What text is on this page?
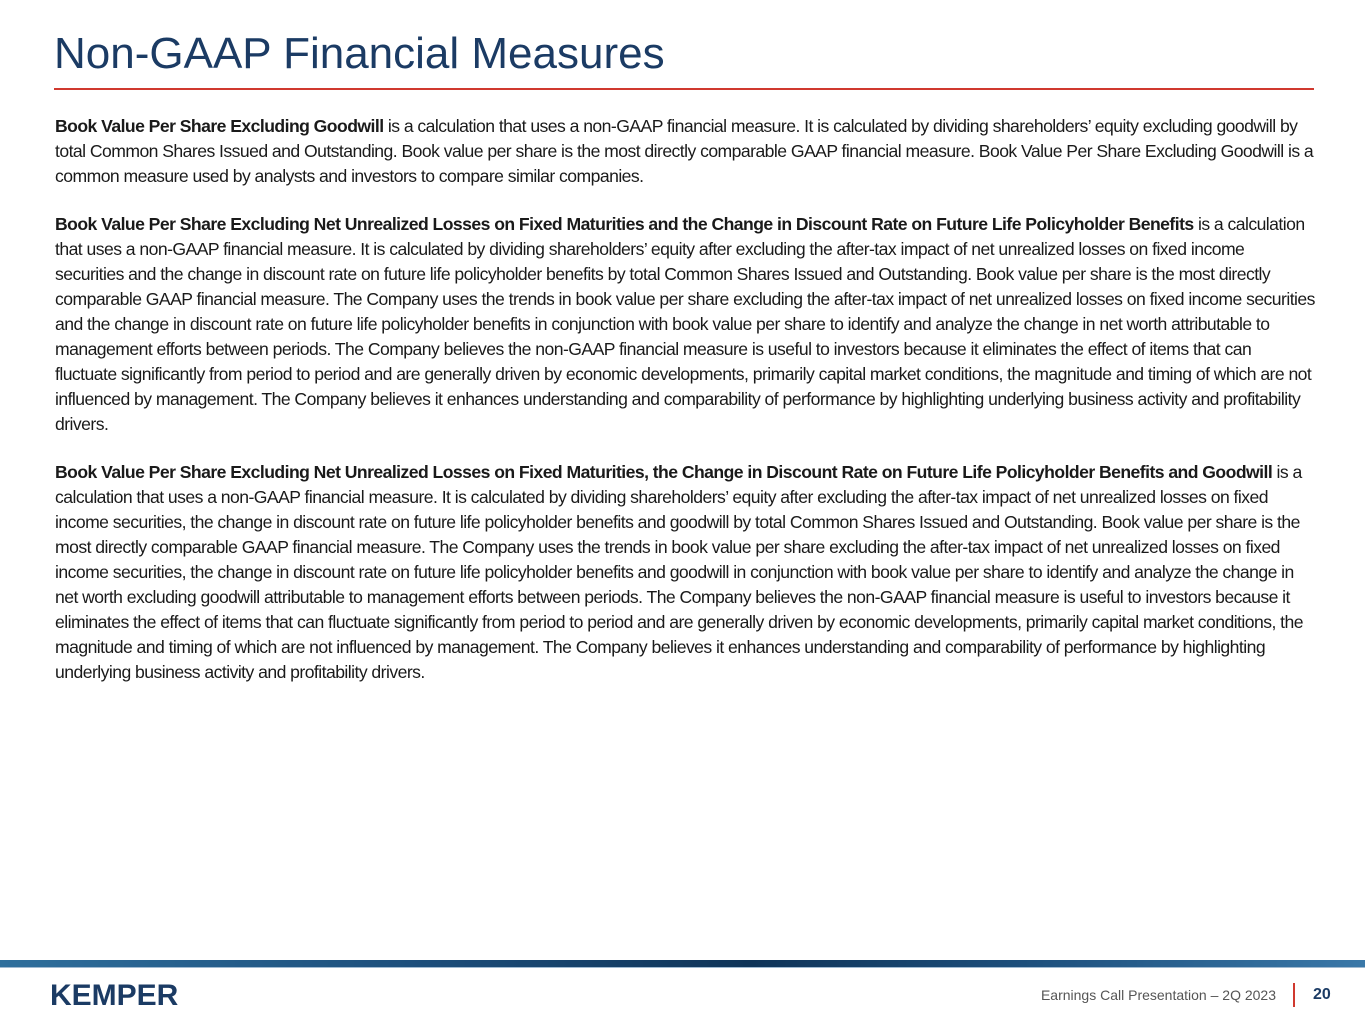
Non-GAAP Financial Measures

Book Value Per Share Excluding Goodwill is a calculation that uses a non-GAAP financial measure. It is calculated by dividing shareholders’ equity excluding goodwill by total Common Shares Issued and Outstanding. Book value per share is the most directly comparable GAAP financial measure. Book Value Per Share Excluding Goodwill is a common measure used by analysts and investors to compare similar companies.

Book Value Per Share Excluding Net Unrealized Losses on Fixed Maturities and the Change in Discount Rate on Future Life Policyholder Benefits is a calculation that uses a non-GAAP financial measure. It is calculated by dividing shareholders’ equity after excluding the after-tax impact of net unrealized losses on fixed income securities and the change in discount rate on future life policyholder benefits by total Common Shares Issued and Outstanding. Book value per share is the most directly comparable GAAP financial measure. The Company uses the trends in book value per share excluding the after-tax impact of net unrealized losses on fixed income securities and the change in discount rate on future life policyholder benefits in conjunction with book value per share to identify and analyze the change in net worth attributable to management efforts between periods. The Company believes the non-GAAP financial measure is useful to investors because it eliminates the effect of items that can fluctuate significantly from period to period and are generally driven by economic developments, primarily capital market conditions, the magnitude and timing of which are not influenced by management. The Company believes it enhances understanding and comparability of performance by highlighting underlying business activity and profitability drivers.

Book Value Per Share Excluding Net Unrealized Losses on Fixed Maturities, the Change in Discount Rate on Future Life Policyholder Benefits and Goodwill is a calculation that uses a non-GAAP financial measure. It is calculated by dividing shareholders’ equity after excluding the after-tax impact of net unrealized losses on fixed income securities, the change in discount rate on future life policyholder benefits and goodwill by total Common Shares Issued and Outstanding. Book value per share is the most directly comparable GAAP financial measure. The Company uses the trends in book value per share excluding the after-tax impact of net unrealized losses on fixed income securities, the change in discount rate on future life policyholder benefits and goodwill in conjunction with book value per share to identify and analyze the change in net worth excluding goodwill attributable to management efforts between periods. The Company believes the non-GAAP financial measure is useful to investors because it eliminates the effect of items that can fluctuate significantly from period to period and are generally driven by economic developments, primarily capital market conditions, the magnitude and timing of which are not influenced by management. The Company believes it enhances understanding and comparability of performance by highlighting underlying business activity and profitability drivers.

KEMPER	Earnings Call Presentation – 2Q 2023 20
